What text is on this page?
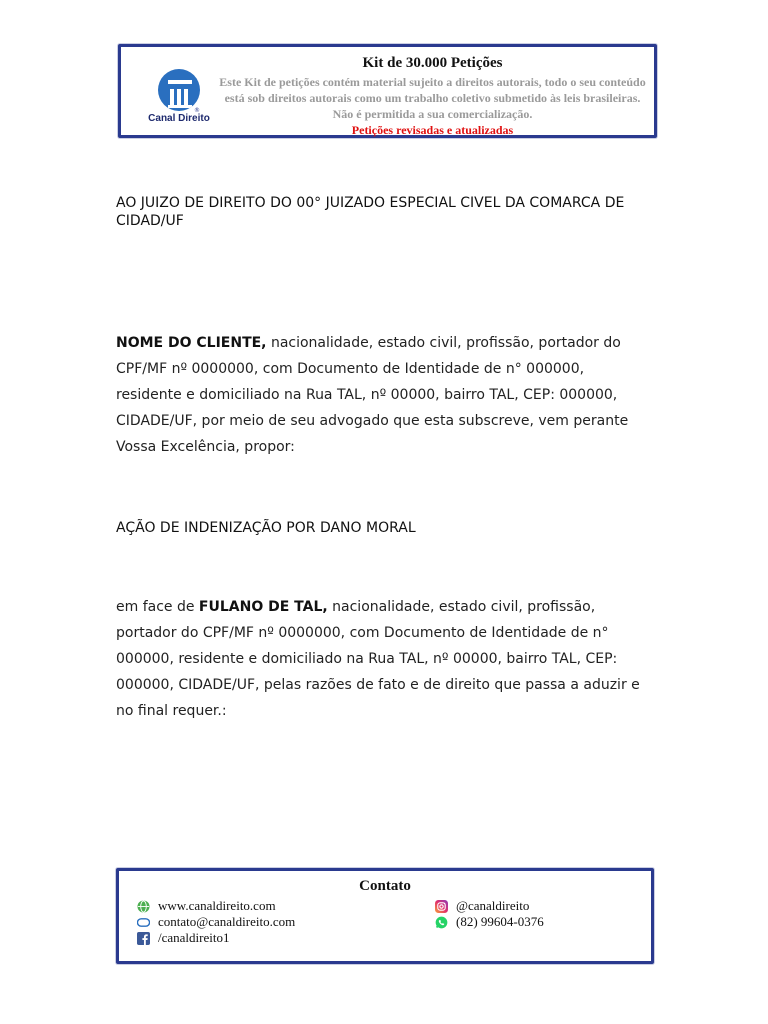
®
Canal Direito
Kit de 30.000 Petições
Este Kit de petições contém material sujeito a direitos autorais, todo o seu conteúdo está sob direitos autorais como um trabalho coletivo submetido às leis brasileiras. Não é permitida a sua comercialização.
Petições revisadas e atualizadas
AO JUIZO DE DIREITO DO 00° JUIZADO ESPECIAL CIVEL DA COMARCA DE CIDAD/UF
NOME DO CLIENTE, nacionalidade, estado civil, profissão, portador do CPF/MF nº 0000000, com Documento de Identidade de n° 000000, residente e domiciliado na Rua TAL, nº 00000, bairro TAL, CEP: 000000, CIDADE/UF, por meio de seu advogado que esta subscreve, vem perante Vossa Excelência, propor:
AÇÃO DE INDENIZAÇÃO POR DANO MORAL
em face de FULANO DE TAL, nacionalidade, estado civil, profissão, portador do CPF/MF nº 0000000, com Documento de Identidade de n° 000000, residente e domiciliado na Rua TAL, nº 00000, bairro TAL, CEP: 000000, CIDADE/UF, pelas razões de fato e de direito que passa a aduzir e no final requer.:
Contato
www.canaldireito.com
contato@canaldireito.com
/canaldireito1
@canaldireito
(82) 99604-0376
